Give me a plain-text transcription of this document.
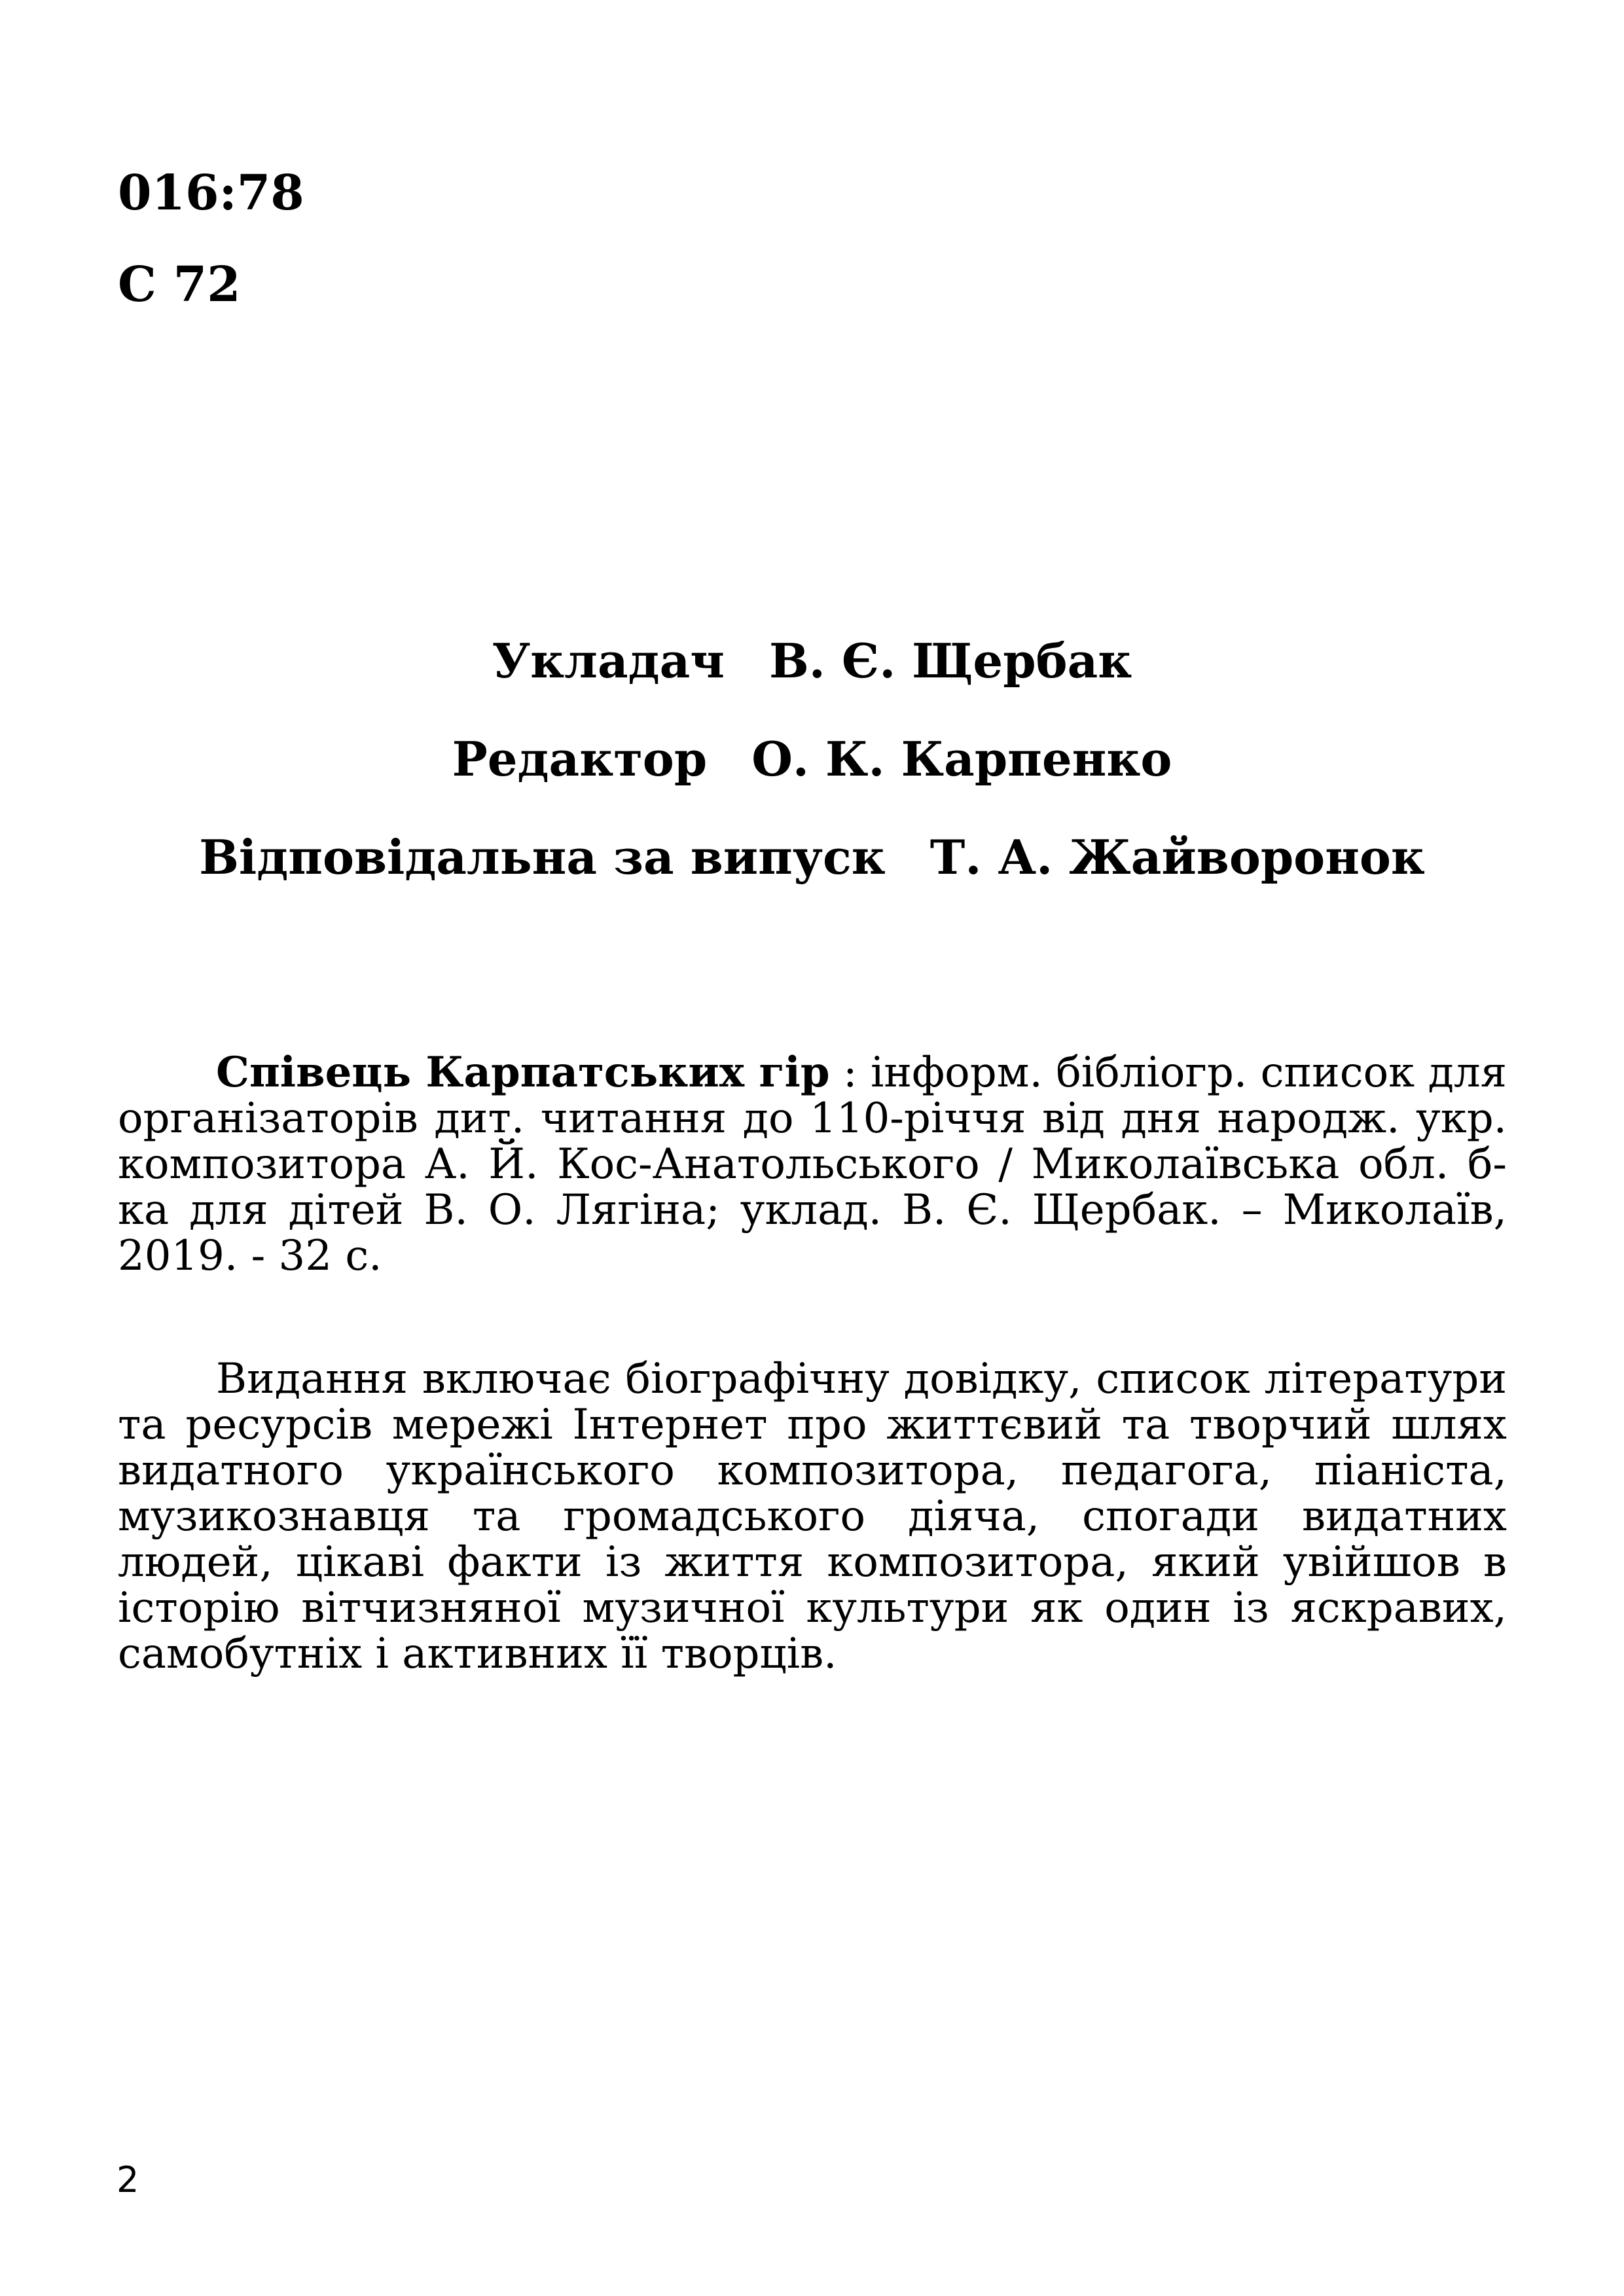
016:78
С 72
Укладач В. Є. Щербак
Редактор О. К. Карпенко
Відповідальна за випуск Т. А. Жайворонок
Співець Карпатських гір : інформ. бібліогр. список для організаторів дит. читання до 110-річчя від дня народж. укр. композитора А. Й. Кос-Анатольського / Миколаївська обл. б-ка для дітей В. О. Лягіна; уклад. В. Є. Щербак. – Миколаїв, 2019. - 32 с.
Видання включає біографічну довідку, список літератури та ресурсів мережі Інтернет про життєвий та творчий шлях видатного українського композитора, педагога, піаніста, музикознавця та громадського діяча, спогади видатних людей, цікаві факти із життя композитора, який увійшов в історію вітчизняної музичної культури як один із яскравих, самобутніх і активних її творців.
2
